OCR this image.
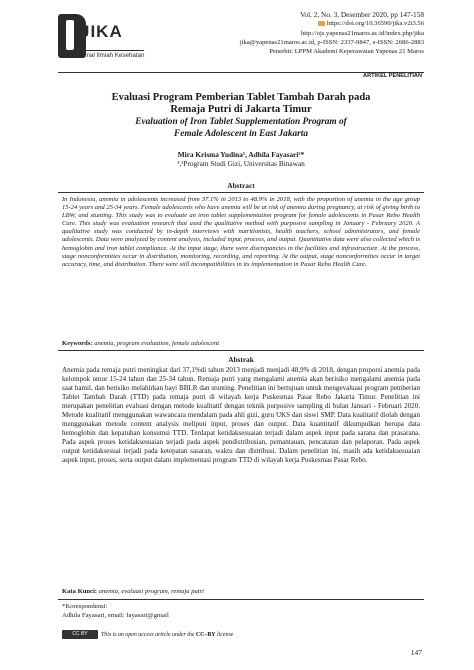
JIKA
Jurnal Ilmiah Kesehatan
Vol. 2, No. 3, Desember 2020, pp 147-158
https://doi.org/10.36590/jika.v2i3.56
http://ojs.yapenas21maros.ac.id/index.php/jika
jika@yapenas21maros.ac.id, p-ISSN: 2337-9847, e-ISSN: 2686-2883
Penerbit: LPPM Akademi Keperawatan Yapenas 21 Maros
ARTIKEL PENELITIAN
Evaluasi Program Pemberian Tablet Tambah Darah pada
Remaja Putri di Jakarta Timur
Evaluation of Iron Tablet Supplementation Program of
Female Adolescent in East Jakarta
Mira Krisma Yudina¹, Adhila Fayasari²*
¹,²Program Studi Gizi, Universitas Binawan
Abstract
In Indonesia, anemia in adolescents increased from 37.1% in 2013 to 48.9% in 2018, with the proportion of anemia in the age group 15-24 years and 25-34 years. Female adolescents who have anemia will be at risk of anemia during pregnancy, at risk of giving birth to LBW, and stunting. This study was to evaluate an iron tablet supplementation program for female adolescents in Pasar Rebo Health Care. This study was evaluation research that used the qualitative method with purposive sampling in January - February 2020. A qualitative study was conducted by in-depth interviews with nutritionists, health teachers, school administrators, and female adolescents. Data were analyzed by content analysis, included input, process, and output. Quantitative data were also collected which is hemoglobin and iron tablet compliance. At the input stage, there were discrepancies in the facilities and infrastructure. At the process, stage nonconformities occur in distribution, monitoring, recording, and reporting. At the output, stage nonconformities occur in target accuracy, time, and distribution. There were still incompatibilities in its implementation in Pasar Rebo Health Care.
Keywords: anemia, program evaluation, female adolescent
Abstrak
Anemia pada remaja putri meningkat dari 37,1%di tahun 2013 menjadi menjadi 48,9% di 2018, dengan proporsi anemia pada kelompok umur 15-24 tahun dan 25-34 tahun. Remaja putri yang mengalami anemia akan berisiko mengalami anemia pada saat hamil, dan berisiko melahirkan bayi BBLR dan stunting. Penelitian ini bertujuan untuk mengevaluasi program pemberian Tablet Tambah Darah (TTD) pada remaja putri di wilayah kerja Puskesmas Pasar Rebo Jakarta Timur. Penelitian ini merupakan penelitian evaluasi dengan metode kualitatif dengan teknik purposive sampling di bulan Januari - Februari 2020. Metode kualitatif menggunakan wawancara mendalam pada ahli gizi, guru UKS dan siswi SMP. Data kualitatif diolah dengan menggunakan metode content analysis meliputi input, proses dan output. Data kuantitatif dikumpulkan berupa data hemoglobin dan kepatuhan konsumsi TTD. Terdapat ketidaksesuaian terjadi dalam aspek input pada sarana dan prasarana. Pada aspek proses ketidaksesuaian terjadi pada aspek pendistribusian, pemantauan, pencatatan dan pelaporan. Pada aspek output ketidaksesuai terjadi pada ketepatan sasaran, waktu dan distribusi. Dalam penelitian ini, masih ada ketidaksesuaian aspek input, proses, serta output dalam implementasi program TTD di wilayah kerja Puskesmas Pasar Rebo.
Kata Kunci: anemia, evaluasi program, remaja putri
*Korespondensi:
Adhila Fayasari, email: fayasari@gmail
CC BY This is an open access article under the CC–BY license
147
